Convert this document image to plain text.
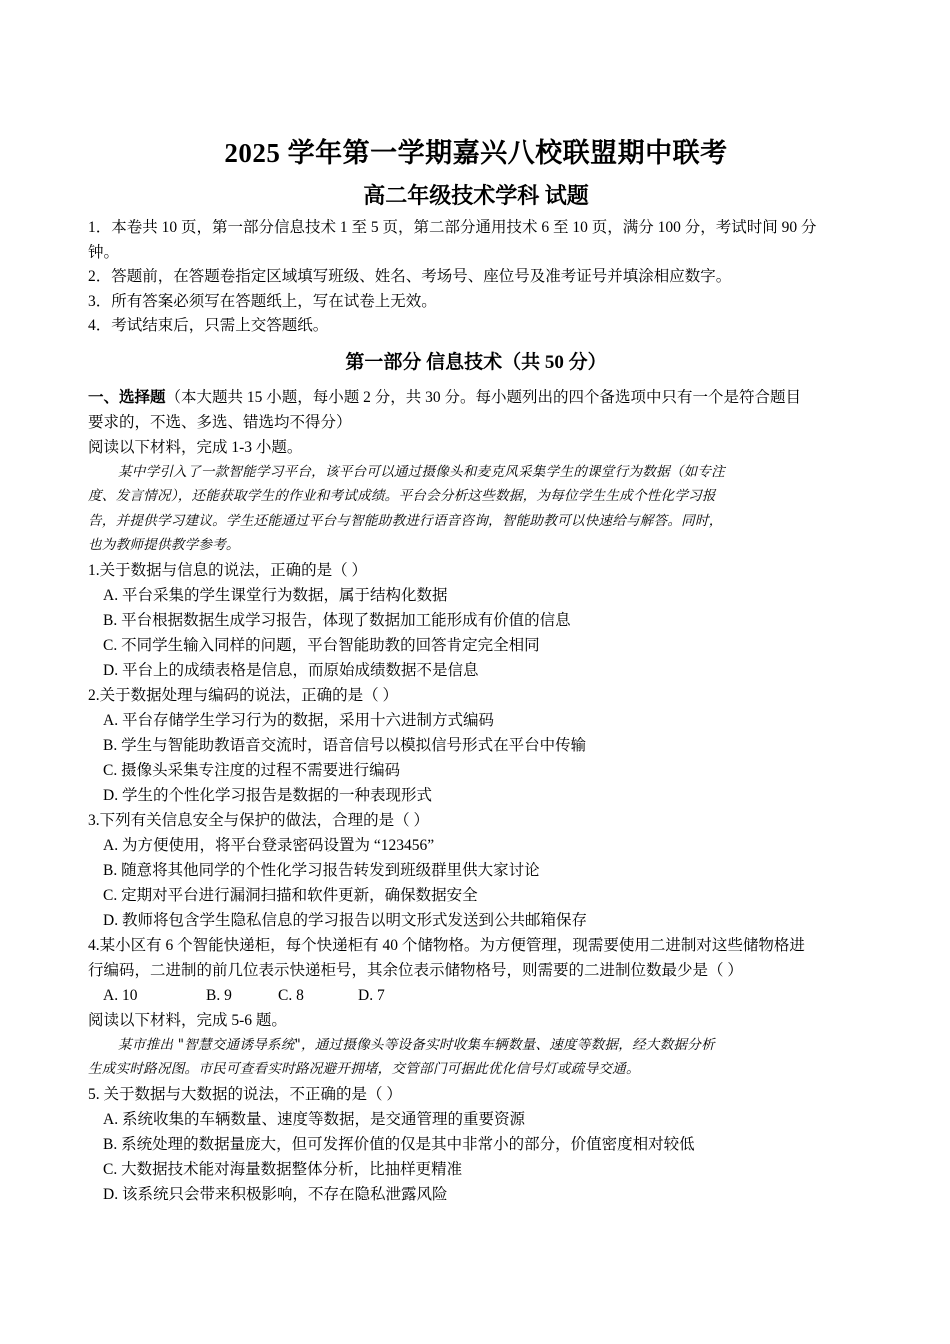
2025 学年第一学期嘉兴八校联盟期中联考
高二年级技术学科 试题

1．本卷共 10 页，第一部分信息技术 1 至 5 页，第二部分通用技术 6 至 10 页，满分 100 分，考试时间 90 分

钟。

2．答题前，在答题卷指定区域填写班级、姓名、考场号、座位号及准考证号并填涂相应数字。

3．所有答案必须写在答题纸上，写在试卷上无效。

4．考试结束后，只需上交答题纸。

第一部分 信息技术（共 50 分）

一、选择题（本大题共 15 小题，每小题 2 分，共 30 分。每小题列出的四个备选项中只有一个是符合题目

要求的，不选、多选、错选均不得分）

阅读以下材料，完成 1-3 小题。

某中学引入了一款智能学习平台，该平台可以通过摄像头和麦克风采集学生的课堂行为数据（如专注

度、发言情况），还能获取学生的作业和考试成绩。平台会分析这些数据，为每位学生生成个性化学习报

告，并提供学习建议。学生还能通过平台与智能助教进行语音咨询，智能助教可以快速给与解答。同时，

也为教师提供教学参考。

1.关于数据与信息的说法，正确的是（ ）

A. 平台采集的学生课堂行为数据，属于结构化数据

B. 平台根据数据生成学习报告，体现了数据加工能形成有价值的信息

C. 不同学生输入同样的问题，平台智能助教的回答肯定完全相同

D. 平台上的成绩表格是信息，而原始成绩数据不是信息

2.关于数据处理与编码的说法，正确的是（ ）

A. 平台存储学生学习行为的数据，采用十六进制方式编码

B. 学生与智能助教语音交流时，语音信号以模拟信号形式在平台中传输

C. 摄像头采集专注度的过程不需要进行编码

D. 学生的个性化学习报告是数据的一种表现形式

3.下列有关信息安全与保护的做法，合理的是（ ）

A. 为方便使用，将平台登录密码设置为 “123456”

B. 随意将其他同学的个性化学习报告转发到班级群里供大家讨论

C. 定期对平台进行漏洞扫描和软件更新，确保数据安全

D. 教师将包含学生隐私信息的学习报告以明文形式发送到公共邮箱保存

4.某小区有 6 个智能快递柜，每个快递柜有 40 个储物格。为方便管理，现需要使用二进制对这些储物格进

行编码，二进制的前几位表示快递柜号，其余位表示储物格号，则需要的二进制位数最少是（ ）

A. 10	B. 9	C. 8	D. 7

阅读以下材料，完成 5-6 题。

某市推出 "智慧交通诱导系统"，通过摄像头等设备实时收集车辆数量、速度等数据，经大数据分析

生成实时路况图。市民可查看实时路况避开拥堵，交管部门可据此优化信号灯或疏导交通。

5. 关于数据与大数据的说法，不正确的是（ ）

A. 系统收集的车辆数量、速度等数据，是交通管理的重要资源

B. 系统处理的数据量庞大，但可发挥价值的仅是其中非常小的部分，价值密度相对较低

C. 大数据技术能对海量数据整体分析，比抽样更精准

D. 该系统只会带来积极影响，不存在隐私泄露风险
